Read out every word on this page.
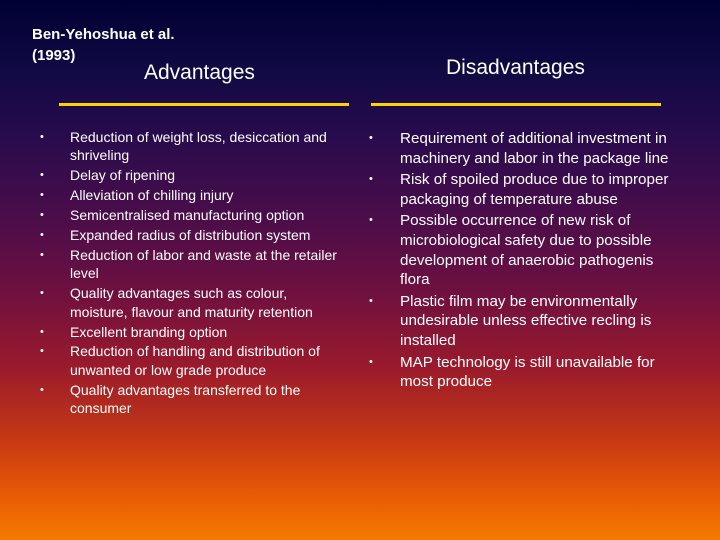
Ben-Yehoshua et al. (1993)
Advantages	Disadvantages
• Reduction of weight loss, desiccation and shriveling
• Delay of ripening
• Alleviation of chilling injury
• Semicentralised manufacturing option
• Expanded radius of distribution system
• Reduction of labor and waste at the retailer level
• Quality advantages such as colour, moisture, flavour and maturity retention
• Excellent branding option
• Reduction of handling and distribution of unwanted or low grade produce
• Quality advantages transferred to the consumer
• Requirement of additional investment in machinery and labor in the package line
• Risk of spoiled produce due to improper packaging of temperature abuse
• Possible occurrence of new risk of microbiological safety due to possible development of anaerobic pathogenis flora
• Plastic film may be environmentally undesirable unless effective recling is installed
• MAP technology is still unavailable for most produce
